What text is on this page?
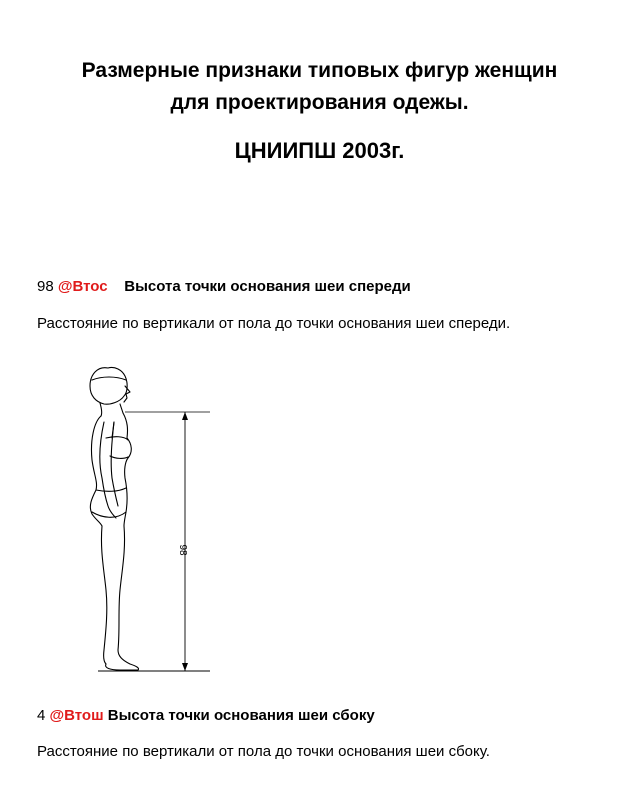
Размерные признаки типовых фигур женщин
для проектирования одежы.
ЦНИИПШ 2003г.
98 @Втос Высота точки основания шеи спереди
Расстояние по вертикали от пола до точки основания шеи спереди.
98
4 @Втош Высота точки основания шеи сбоку
Расстояние по вертикали от пола до точки основания шеи сбоку.
